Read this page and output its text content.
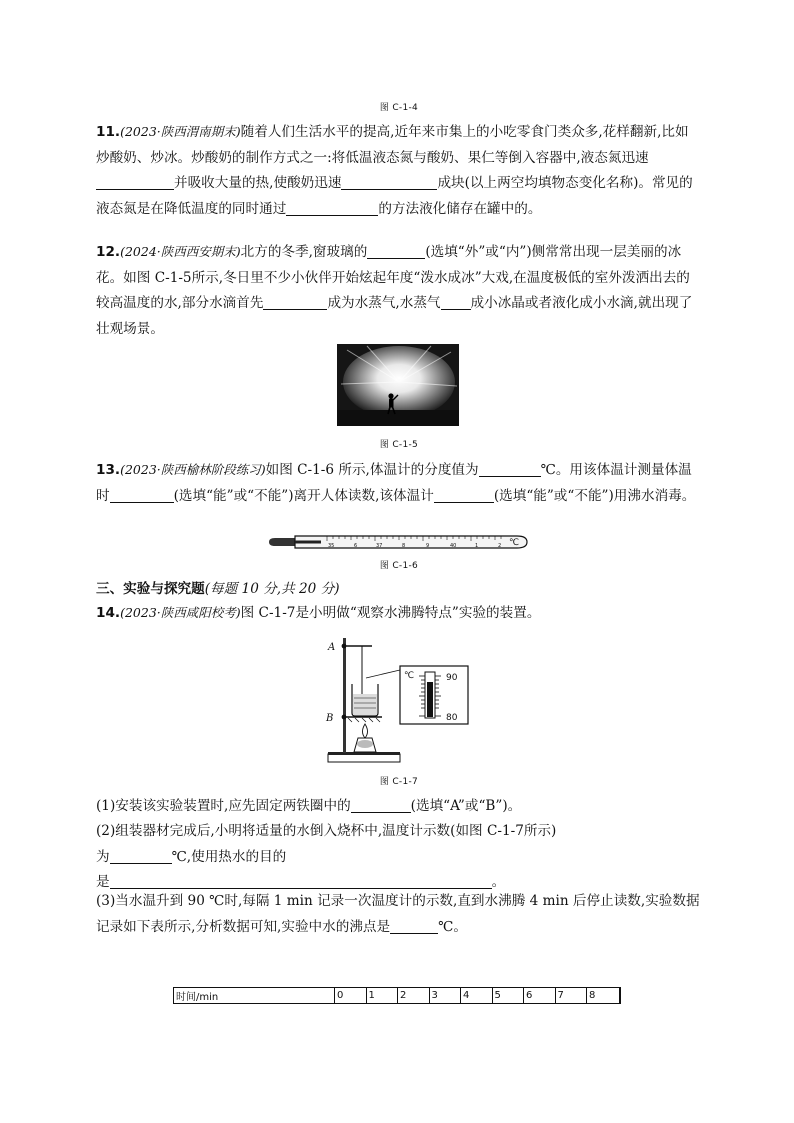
图 C-1-4
11.(2023·陕西渭南期末)随着人们生活水平的提高,近年来市集上的小吃零食门类众多,花样翻新,比如炒酸奶、炒冰。炒酸奶的制作方式之一:将低温液态氮与酸奶、果仁等倒入容器中,液态氮迅速并吸收大量的热,使酸奶迅速	成块(以上两空均填物态变化名称)。常见的液态氮是在降低温度的同时通过	的方法液化储存在罐中的。
12.(2024·陕西西安期末)北方的冬季,窗玻璃的	(选填“外”或“内”)侧常常出现一层美丽的冰花。如图 C-1-5所示,冬日里不少小伙伴开始炫起年度“泼水成冰”大戏,在温度极低的室外泼洒出去的较高温度的水,部分水滴首先	成为水蒸气,水蒸气 成小冰晶或者液化成小水滴,就出现了壮观场景。
图 C-1-5
13.(2023·陕西榆林阶段练习)如图 C-1-6 所示,体温计的分度值为	℃。用该体温计测量体温时	(选填“能”或“不能”)离开人体读数,该体温计	(选填“能”或“不能”)用沸水消毒。
35	6	37	8	9	40	1	2 ℃
图 C-1-6
三、实验与探究题(每题 10 分,共 20 分)
14.(2023·陕西咸阳校考)图 C-1-7是小明做“观察水沸腾特点”实验的装置。
A
B
℃	90
80
图 C-1-7
(1)安装该实验装置时,应先固定两铁圈中的	(选填“A”或“B”)。
(2)组装器材完成后,小明将适量的水倒入烧杯中,温度计示数(如图 C-1-7所示)
为	℃,使用热水的目的
是	。
(3)当水温升到 90 ℃时,每隔 1 min 记录一次温度计的示数,直到水沸腾 4 min 后停止读数,实验数据记录如下表所示,分析数据可知,实验中水的沸点是	℃。
时间/min	0	1	2	3	4	5	6	7	8
